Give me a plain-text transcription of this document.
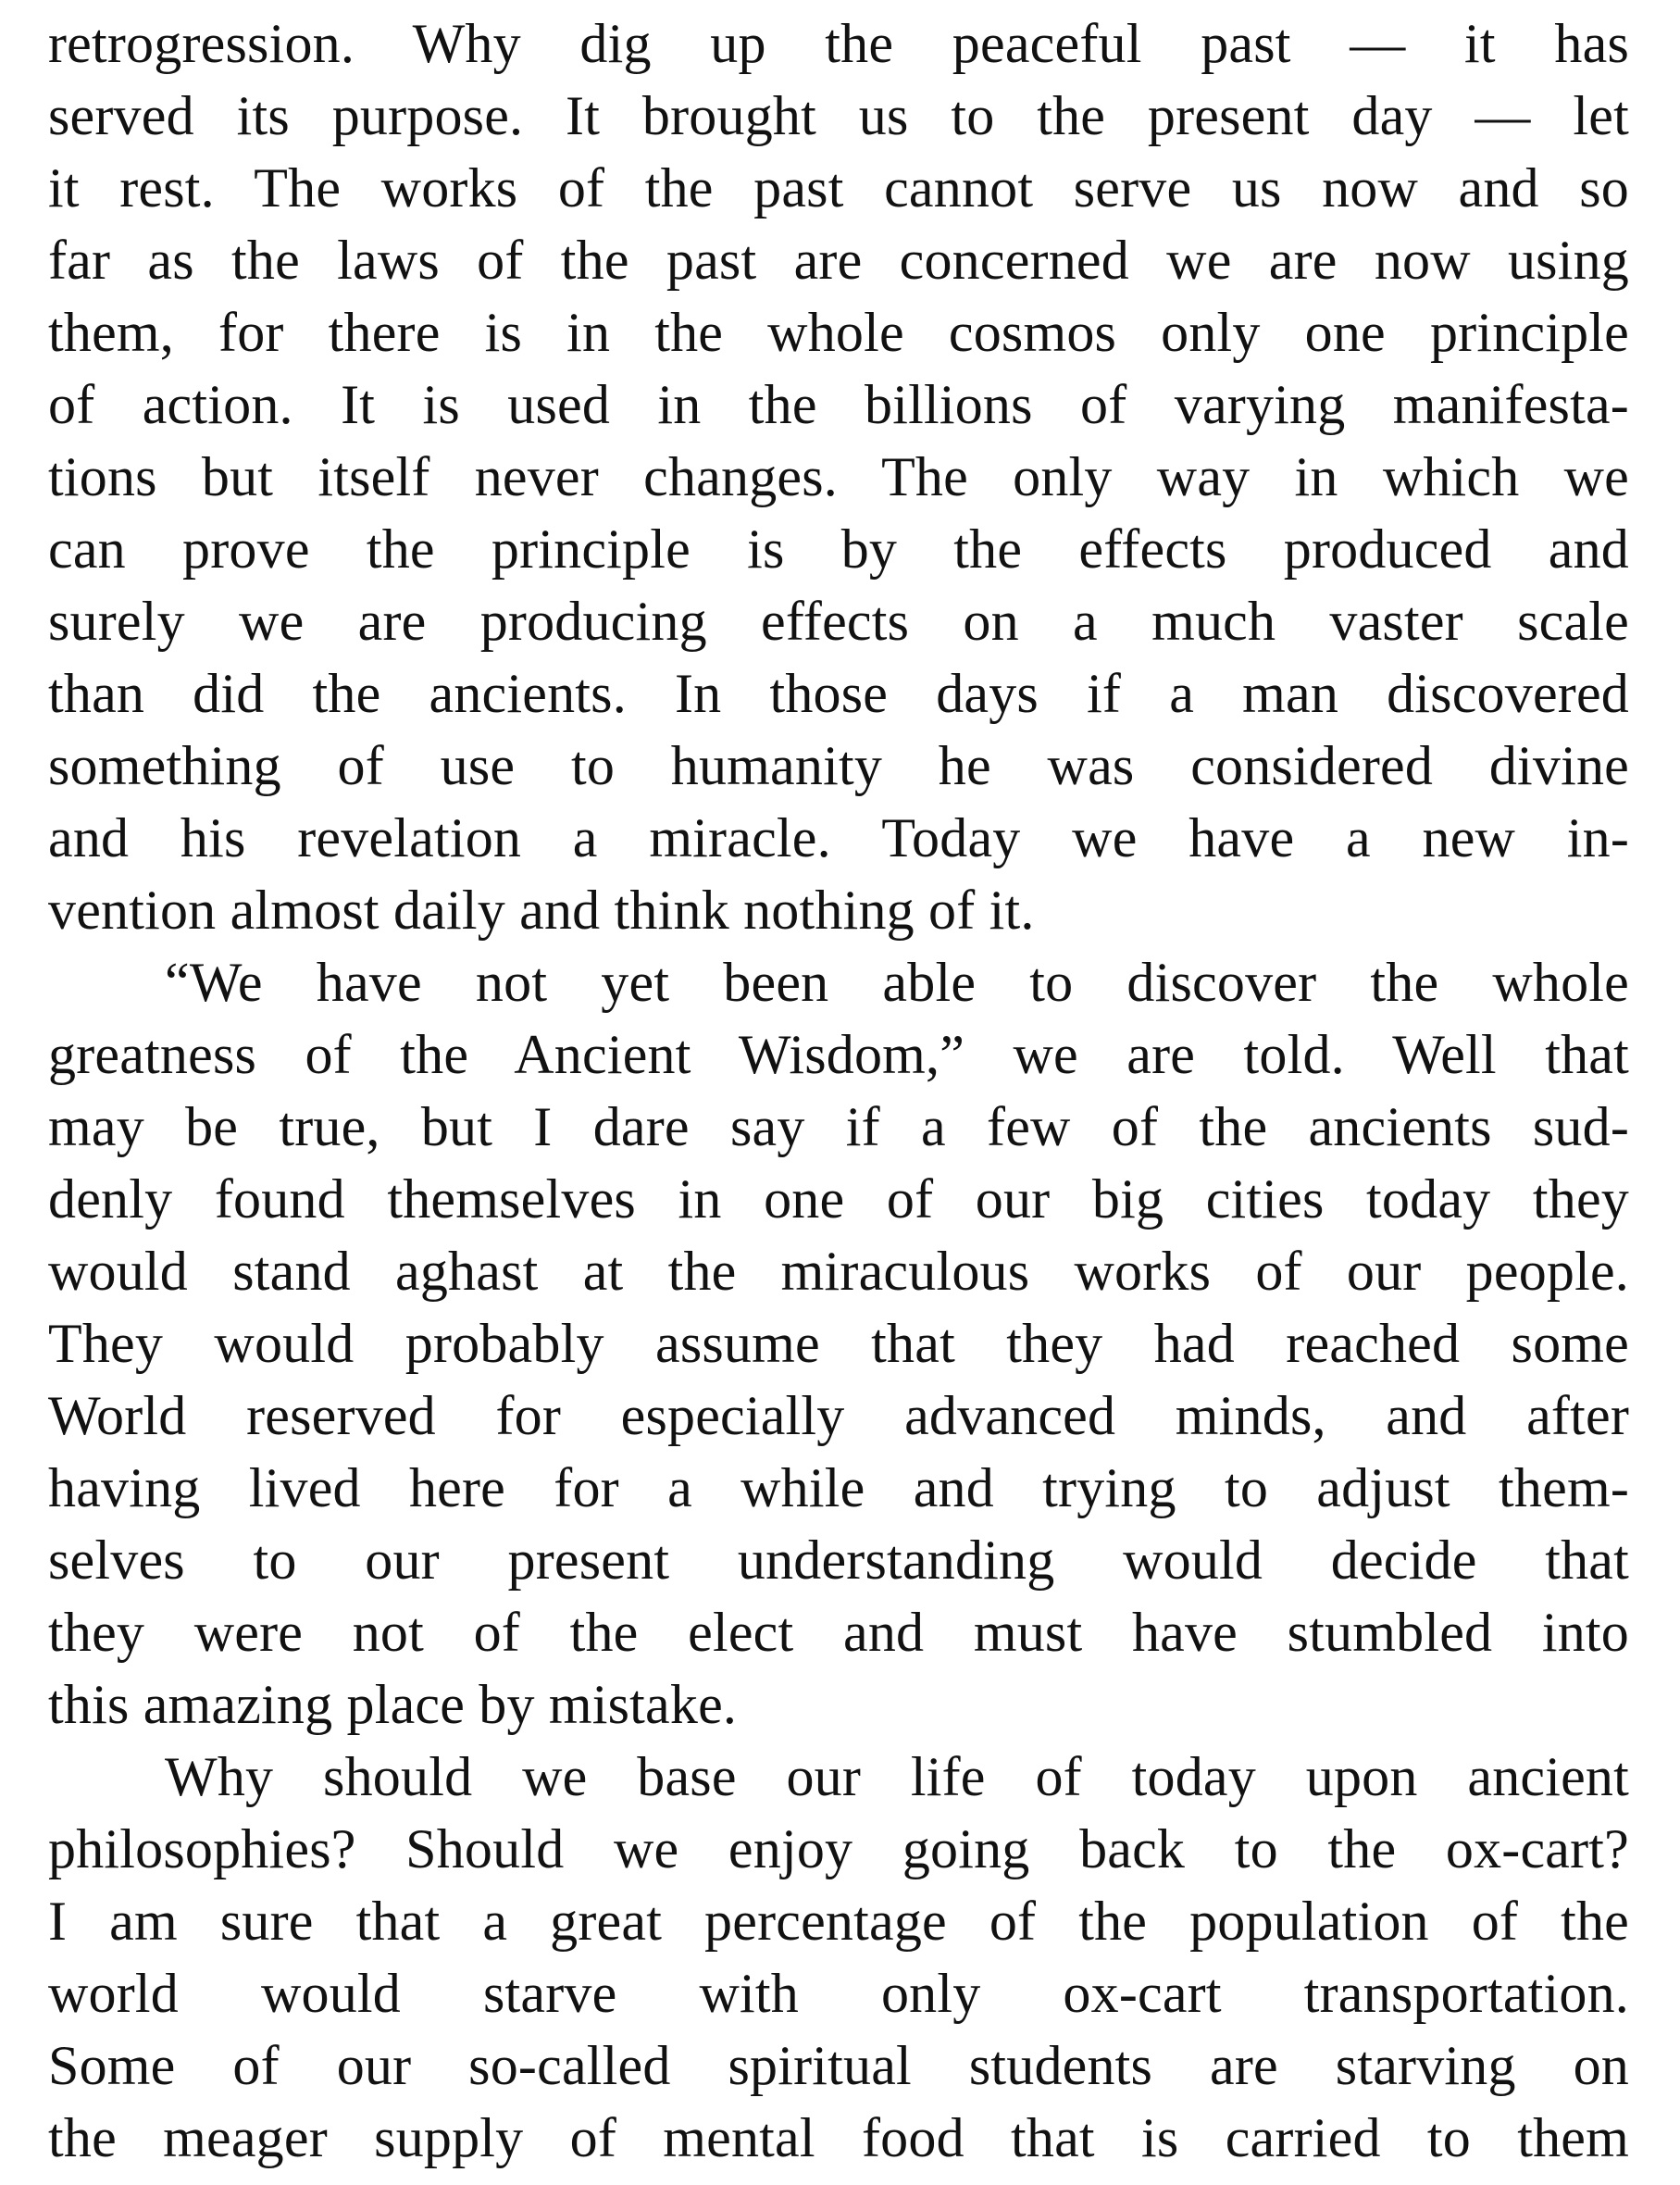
retrogression. Why dig up the peaceful past — it has
served its purpose. It brought us to the present day — let
it rest. The works of the past cannot serve us now and so
far as the laws of the past are concerned we are now using
them, for there is in the whole cosmos only one principle
of action. It is used in the billions of varying manifesta-
tions but itself never changes. The only way in which we
can prove the principle is by the effects produced and
surely we are producing effects on a much vaster scale
than did the ancients. In those days if a man discovered
something of use to humanity he was considered divine
and his revelation a miracle. Today we have a new in-
vention almost daily and think nothing of it.
“We have not yet been able to discover the whole
greatness of the Ancient Wisdom,” we are told. Well that
may be true, but I dare say if a few of the ancients sud-
denly found themselves in one of our big cities today they
would stand aghast at the miraculous works of our people.
They would probably assume that they had reached some
World reserved for especially advanced minds, and after
having lived here for a while and trying to adjust them-
selves to our present understanding would decide that
they were not of the elect and must have stumbled into
this amazing place by mistake.
Why should we base our life of today upon ancient
philosophies? Should we enjoy going back to the ox-cart?
I am sure that a great percentage of the population of the
world would starve with only ox-cart transportation.
Some of our so-called spiritual students are starving on
the meager supply of mental food that is carried to them
